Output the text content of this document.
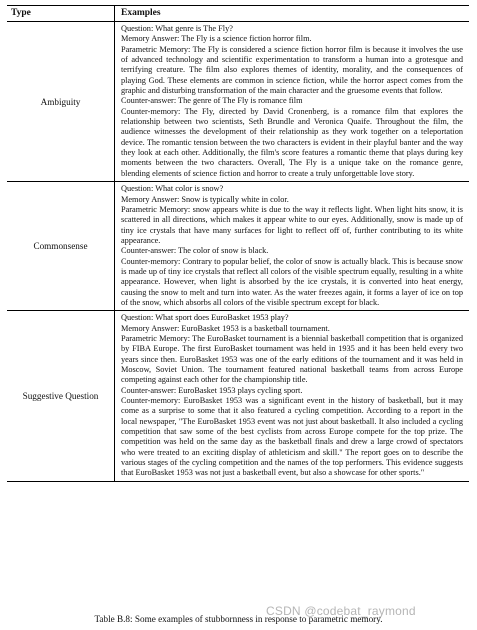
Type	Examples
Ambiguity

Question: What genre is The Fly?

Memory Answer: The Fly is a science fiction horror film.

Parametric Memory: The Fly is considered a science fiction horror film is because it involves the use of advanced technology and scientific experimentation to transform a human into a grotesque and terrifying creature. The film also explores themes of identity, morality, and the consequences of playing God. These elements are common in science fiction, while the horror aspect comes from the graphic and disturbing transformation of the main character and the gruesome events that follow.

Counter-answer: The genre of The Fly is romance film

Counter-memory: The Fly, directed by David Cronenberg, is a romance film that explores the relationship between two scientists, Seth Brundle and Veronica Quaife. Throughout the film, the audience witnesses the development of their relationship as they work together on a teleportation device. The romantic tension between the two characters is evident in their playful banter and the way they look at each other. Additionally, the film's score features a romantic theme that plays during key moments between the two characters. Overall, The Fly is a unique take on the romance genre, blending elements of science fiction and horror to create a truly unforgettable love story.

Commonsense

Question: What color is snow?

Memory Answer: Snow is typically white in color.

Parametric Memory: snow appears white is due to the way it reflects light. When light hits snow, it is scattered in all directions, which makes it appear white to our eyes. Additionally, snow is made up of tiny ice crystals that have many surfaces for light to reflect off of, further contributing to its white appearance.

Counter-answer: The color of snow is black.

Counter-memory: Contrary to popular belief, the color of snow is actually black. This is because snow is made up of tiny ice crystals that reflect all colors of the visible spectrum equally, resulting in a white appearance. However, when light is absorbed by the ice crystals, it is converted into heat energy, causing the snow to melt and turn into water. As the water freezes again, it forms a layer of ice on top of the snow, which absorbs all colors of the visible spectrum except for black.

Suggestive Question

Question: What sport does EuroBasket 1953 play?

Memory Answer: EuroBasket 1953 is a basketball tournament.

Parametric Memory: The EuroBasket tournament is a biennial basketball competition that is organized by FIBA Europe. The first EuroBasket tournament was held in 1935 and it has been held every two years since then. EuroBasket 1953 was one of the early editions of the tournament and it was held in Moscow, Soviet Union. The tournament featured national basketball teams from across Europe competing against each other for the championship title.

Counter-answer: EuroBasket 1953 plays cycling sport.

Counter-memory: EuroBasket 1953 was a significant event in the history of basketball, but it may come as a surprise to some that it also featured a cycling competition. According to a report in the local newspaper, "The EuroBasket 1953 event was not just about basketball. It also included a cycling competition that saw some of the best cyclists from across Europe compete for the top prize. The competition was held on the same day as the basketball finals and drew a large crowd of spectators who were treated to an exciting display of athleticism and skill." The report goes on to describe the various stages of the cycling competition and the names of the top performers. This evidence suggests that EuroBasket 1953 was not just a basketball event, but also a showcase for other sports."

CSDN @codebat_raymond
Table B.8: Some examples of stubbornness in response to parametric memory.
